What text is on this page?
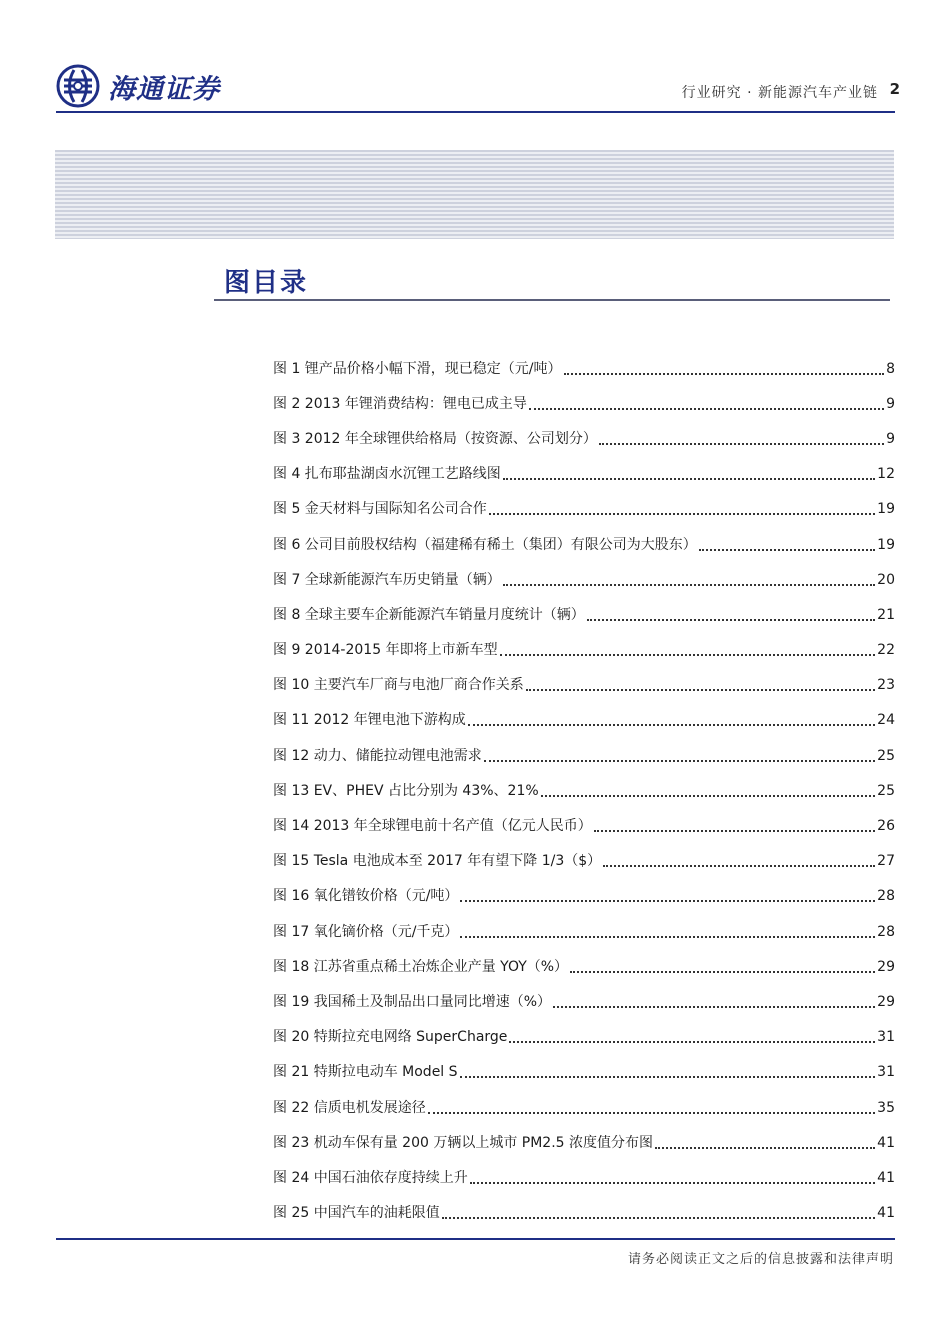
海通证券	行业研究 · 新能源汽车产业链 2
图目录
图 1 锂产品价格小幅下滑，现已稳定（元/吨）	8
图 2 2013 年锂消费结构：锂电已成主导	9
图 3 2012 年全球锂供给格局（按资源、公司划分）	9
图 4 扎布耶盐湖卤水沉锂工艺路线图	12
图 5 金天材料与国际知名公司合作	19
图 6 公司目前股权结构（福建稀有稀土（集团）有限公司为大股东）	19
图 7 全球新能源汽车历史销量（辆）	20
图 8 全球主要车企新能源汽车销量月度统计（辆）	21
图 9 2014-2015 年即将上市新车型	22
图 10 主要汽车厂商与电池厂商合作关系	23
图 11 2012 年锂电池下游构成	24
图 12 动力、储能拉动锂电池需求	25
图 13 EV、PHEV 占比分别为 43%、21%	25
图 14 2013 年全球锂电前十名产值（亿元人民币）	26
图 15 Tesla 电池成本至 2017 年有望下降 1/3（$）	27
图 16 氧化镨钕价格（元/吨）	28
图 17 氧化镝价格（元/千克）	28
图 18 江苏省重点稀土冶炼企业产量 YOY（%）	29
图 19 我国稀土及制品出口量同比增速（%）	29
图 20 特斯拉充电网络 SuperCharge	31
图 21 特斯拉电动车 Model S	31
图 22 信质电机发展途径	35
图 23 机动车保有量 200 万辆以上城市 PM2.5 浓度值分布图	41
图 24 中国石油依存度持续上升	41
图 25 中国汽车的油耗限值	41
请务必阅读正文之后的信息披露和法律声明
